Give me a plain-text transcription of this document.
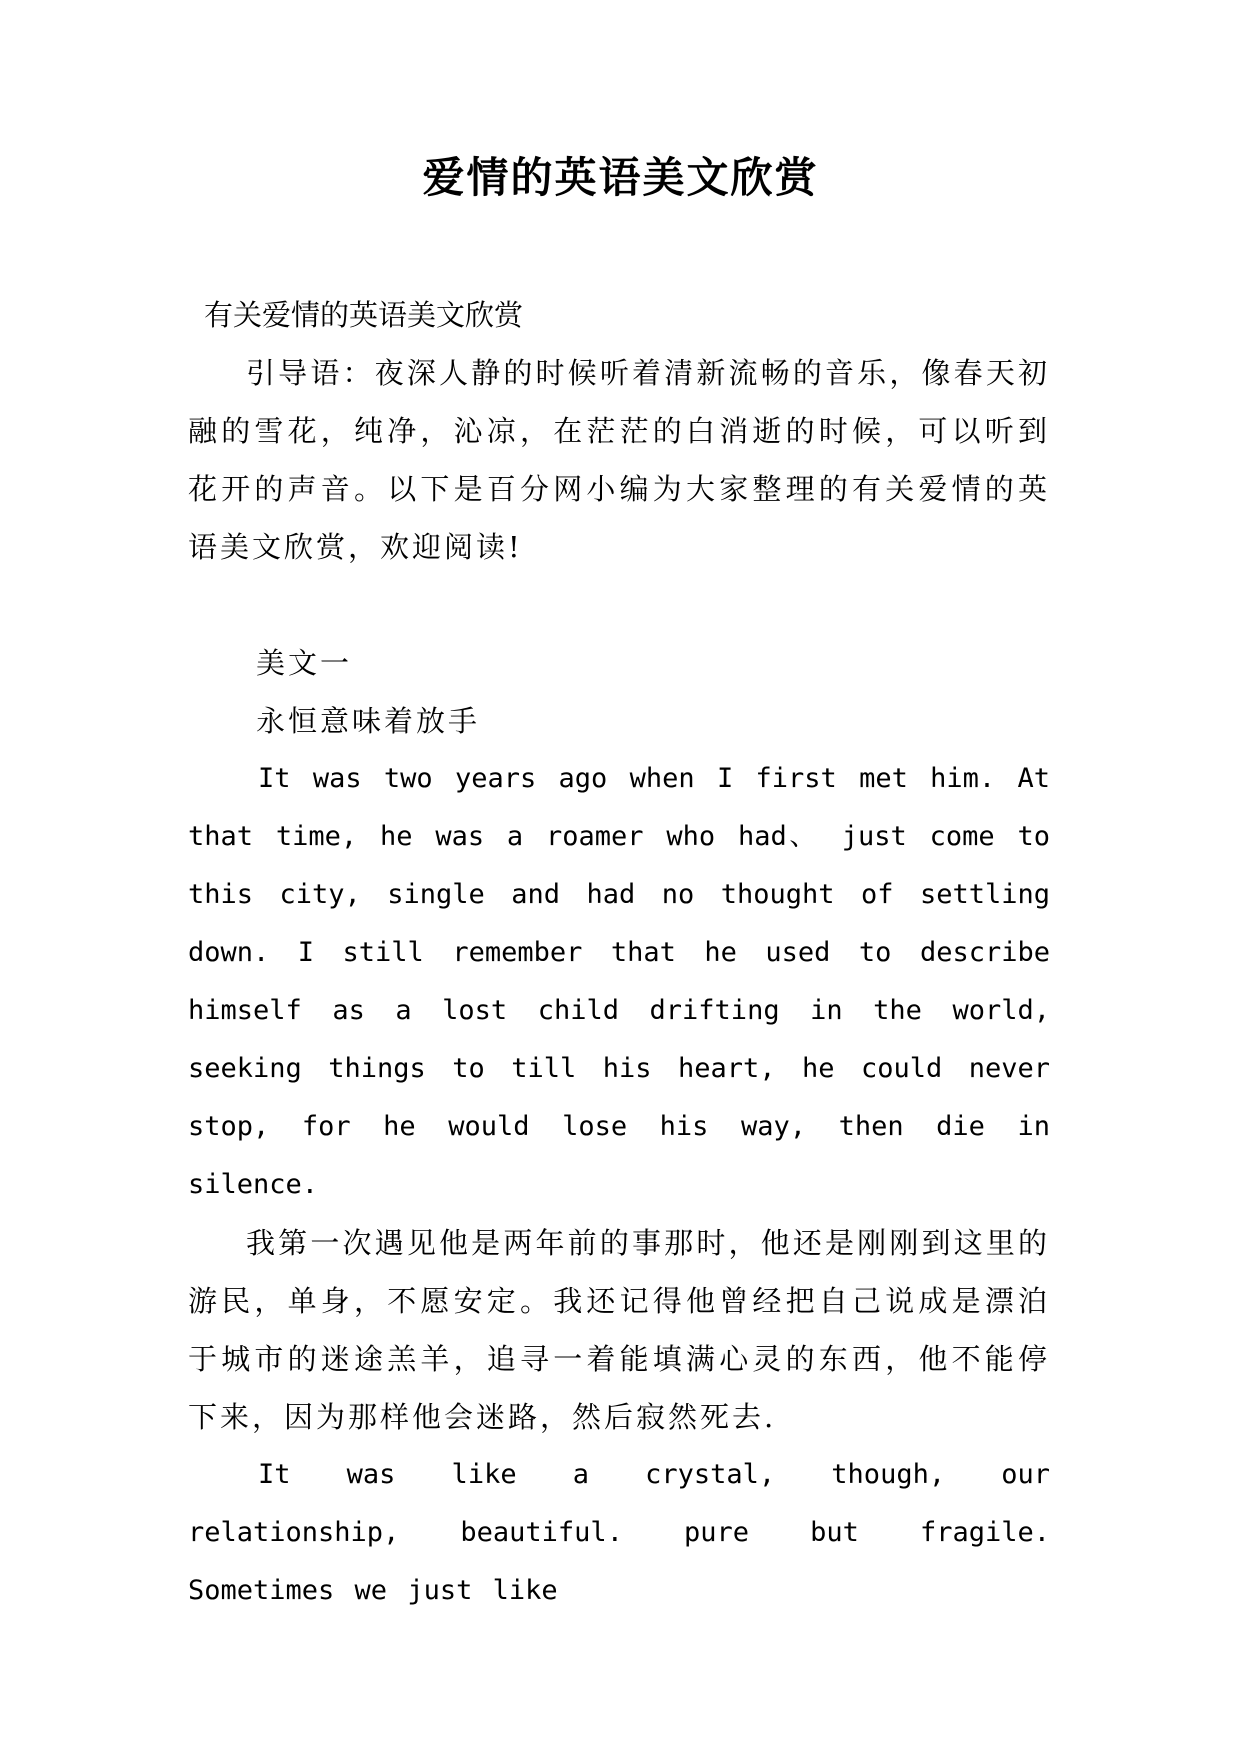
爱情的英语美文欣赏

有关爱情的英语美文欣赏

引导语：夜深人静的时候听着清新流畅的音乐，像春天初融的雪花，纯净，沁凉，在茫茫的白消逝的时候，可以听到花开的声音。以下是百分网小编为大家整理的有关爱情的英语美文欣赏，欢迎阅读!

美文一

永恒意味着放手

It was two years ago when I first met him. At that time, he was a roamer who had、 just come to this city, single and had no thought of settling down. I still remember that he used to describe himself as a lost child drifting in the world, seeking things to till his heart, he could never stop, for he would lose his way, then die in silence.

我第一次遇见他是两年前的事那时，他还是刚刚到这里的游民，单身，不愿安定。我还记得他曾经把自己说成是漂泊于城市的迷途羔羊，追寻一着能填满心灵的东西，他不能停下来，因为那样他会迷路，然后寂然死去.

It was like a crystal, though, our relationship, beautiful. pure but fragile. Sometimes we just like
